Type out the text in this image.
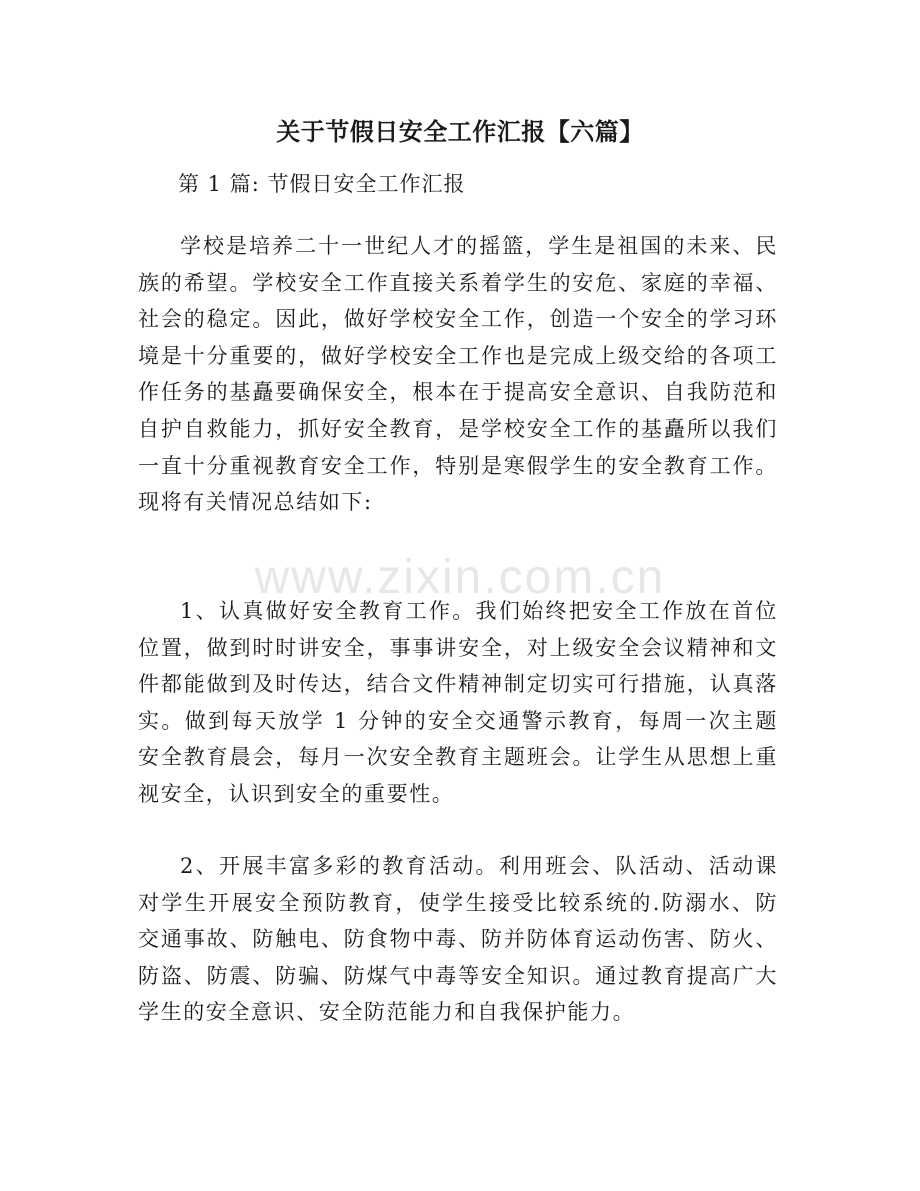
关于节假日安全工作汇报【六篇】

第 1 篇: 节假日安全工作汇报

学校是培养二十一世纪人才的摇篮，学生是祖国的未来、民族的希望。学校安全工作直接关系着学生的安危、家庭的幸福、社会的稳定。因此，做好学校安全工作，创造一个安全的学习环境是十分重要的，做好学校安全工作也是完成上级交给的各项工作任务的基矗要确保安全，根本在于提高安全意识、自我防范和自护自救能力，抓好安全教育，是学校安全工作的基矗所以我们一直十分重视教育安全工作，特别是寒假学生的安全教育工作。现将有关情况总结如下:

1、认真做好安全教育工作。我们始终把安全工作放在首位位置，做到时时讲安全，事事讲安全，对上级安全会议精神和文件都能做到及时传达，结合文件精神制定切实可行措施，认真落实。做到每天放学 1 分钟的安全交通警示教育，每周一次主题安全教育晨会，每月一次安全教育主题班会。让学生从思想上重视安全，认识到安全的重要性。

2、开展丰富多彩的教育活动。利用班会、队活动、活动课对学生开展安全预防教育，使学生接受比较系统的.防溺水、防交通事故、防触电、防食物中毒、防并防体育运动伤害、防火、防盗、防震、防骗、防煤气中毒等安全知识。通过教育提高广大学生的安全意识、安全防范能力和自我保护能力。

www.zixin.com.cn
